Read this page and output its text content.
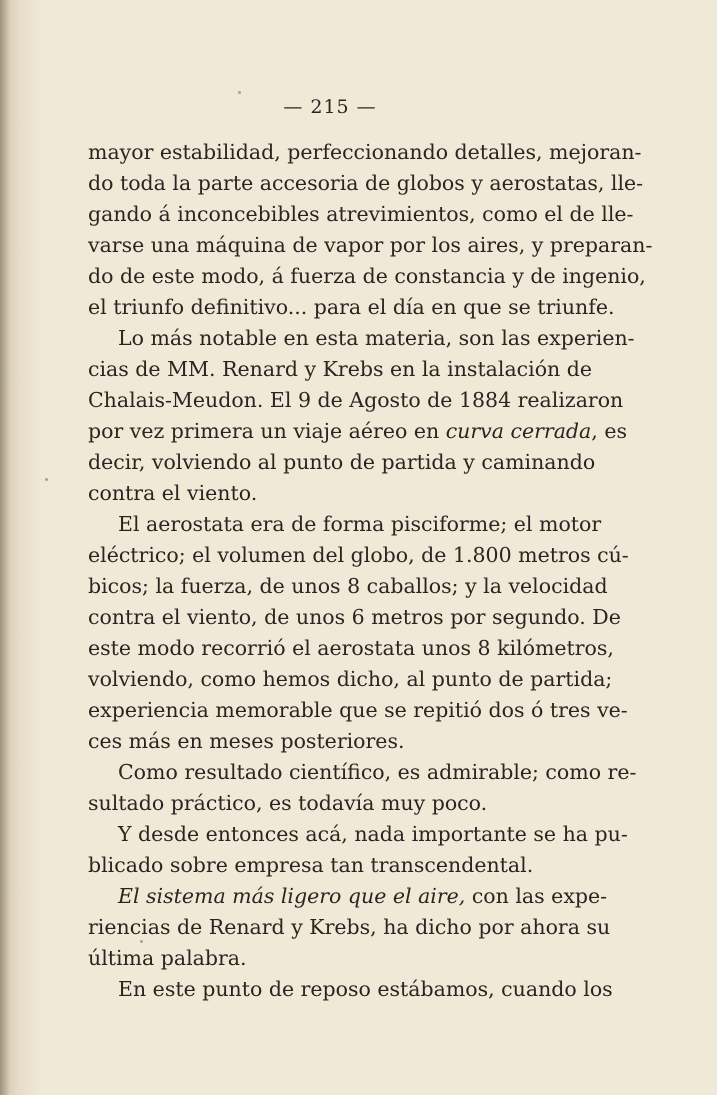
— 215 —
mayor estabilidad, perfeccionando detalles, mejoran-
do toda la parte accesoria de globos y aerostatas, lle-
gando á inconcebibles atrevimientos, como el de lle-
varse una máquina de vapor por los aires, y preparan-
do de este modo, á fuerza de constancia y de ingenio,
el triunfo definitivo... para el día en que se triunfe.
Lo más notable en esta materia, son las experien-
cias de MM. Renard y Krebs en la instalación de
Chalais-Meudon. El 9 de Agosto de 1884 realizaron
por vez primera un viaje aéreo en curva cerrada, es
decir, volviendo al punto de partida y caminando
contra el viento.
El aerostata era de forma pisciforme; el motor
eléctrico; el volumen del globo, de 1.800 metros cú-
bicos; la fuerza, de unos 8 caballos; y la velocidad
contra el viento, de unos 6 metros por segundo. De
este modo recorrió el aerostata unos 8 kilómetros,
volviendo, como hemos dicho, al punto de partida;
experiencia memorable que se repitió dos ó tres ve-
ces más en meses posteriores.
Como resultado científico, es admirable; como re-
sultado práctico, es todavía muy poco.
Y desde entonces acá, nada importante se ha pu-
blicado sobre empresa tan transcendental.
El sistema más ligero que el aire, con las expe-
riencias de Renard y Krebs, ha dicho por ahora su
última palabra.
En este punto de reposo estábamos, cuando los
